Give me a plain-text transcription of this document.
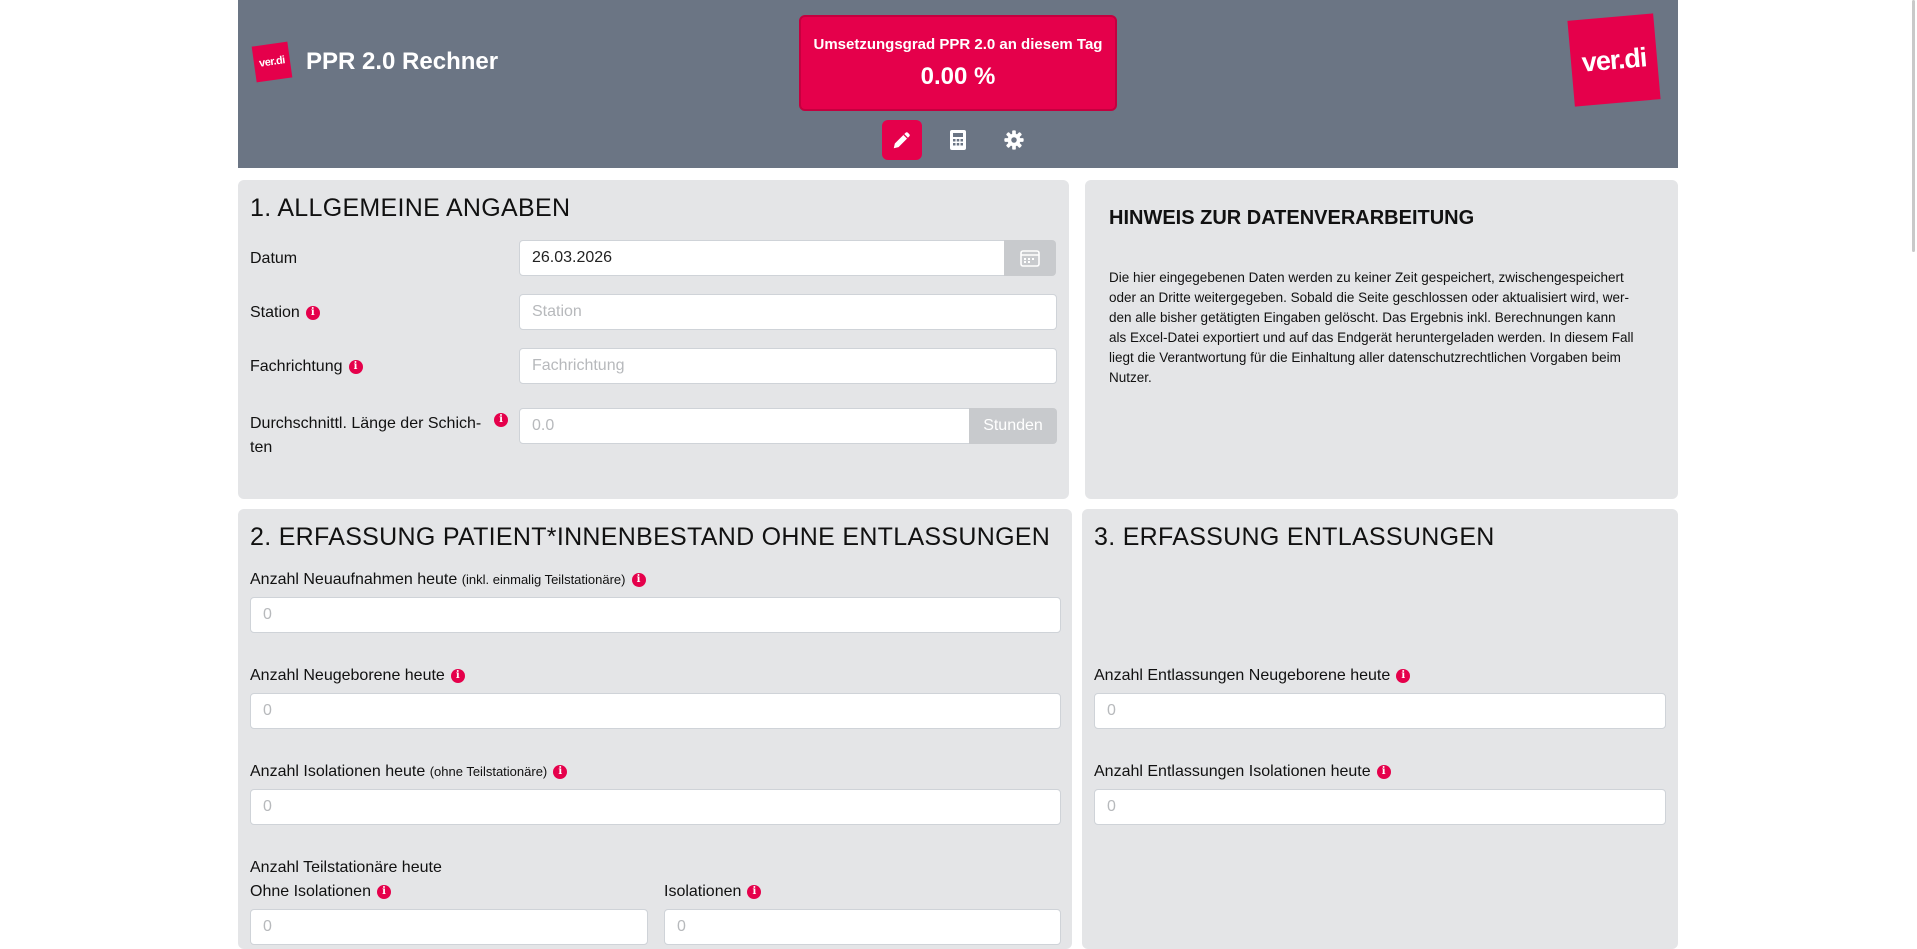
ver.di PPR 2.0 Rechner
Umsetzungsgrad PPR 2.0 an diesem Tag
0.00 %	ver.di
1. ALLGEMEINE ANGABEN
Datum
26.03.2026
Station i
Station
Fachrichtung i
Fachrichtung
Durchschnittl. Länge der Schich-
ten
i
0.0	Stunden
HINWEIS ZUR DATENVERARBEITUNG
Die hier eingegebenen Daten werden zu keiner Zeit gespeichert, zwischengespeichert
oder an Dritte weitergegeben. Sobald die Seite geschlossen oder aktualisiert wird, wer-
den alle bisher getätigten Eingaben gelöscht. Das Ergebnis inkl. Berechnungen kann
als Excel-Datei exportiert und auf das Endgerät heruntergeladen werden. In diesem Fall
liegt die Verantwortung für die Einhaltung aller datenschutzrechtlichen Vorgaben beim
Nutzer.
2. ERFASSUNG PATIENT*INNENBESTAND OHNE ENTLASSUNGEN
Anzahl Neuaufnahmen heute (inkl. einmalig Teilstationäre) i
0
Anzahl Neugeborene heute i
0
Anzahl Isolationen heute (ohne Teilstationäre) i
0
Anzahl Teilstationäre heute
Ohne Isolationen i
0	Isolationen i
0
3. ERFASSUNG ENTLASSUNGEN
Anzahl Entlassungen Neugeborene heute i
0
Anzahl Entlassungen Isolationen heute i
0
